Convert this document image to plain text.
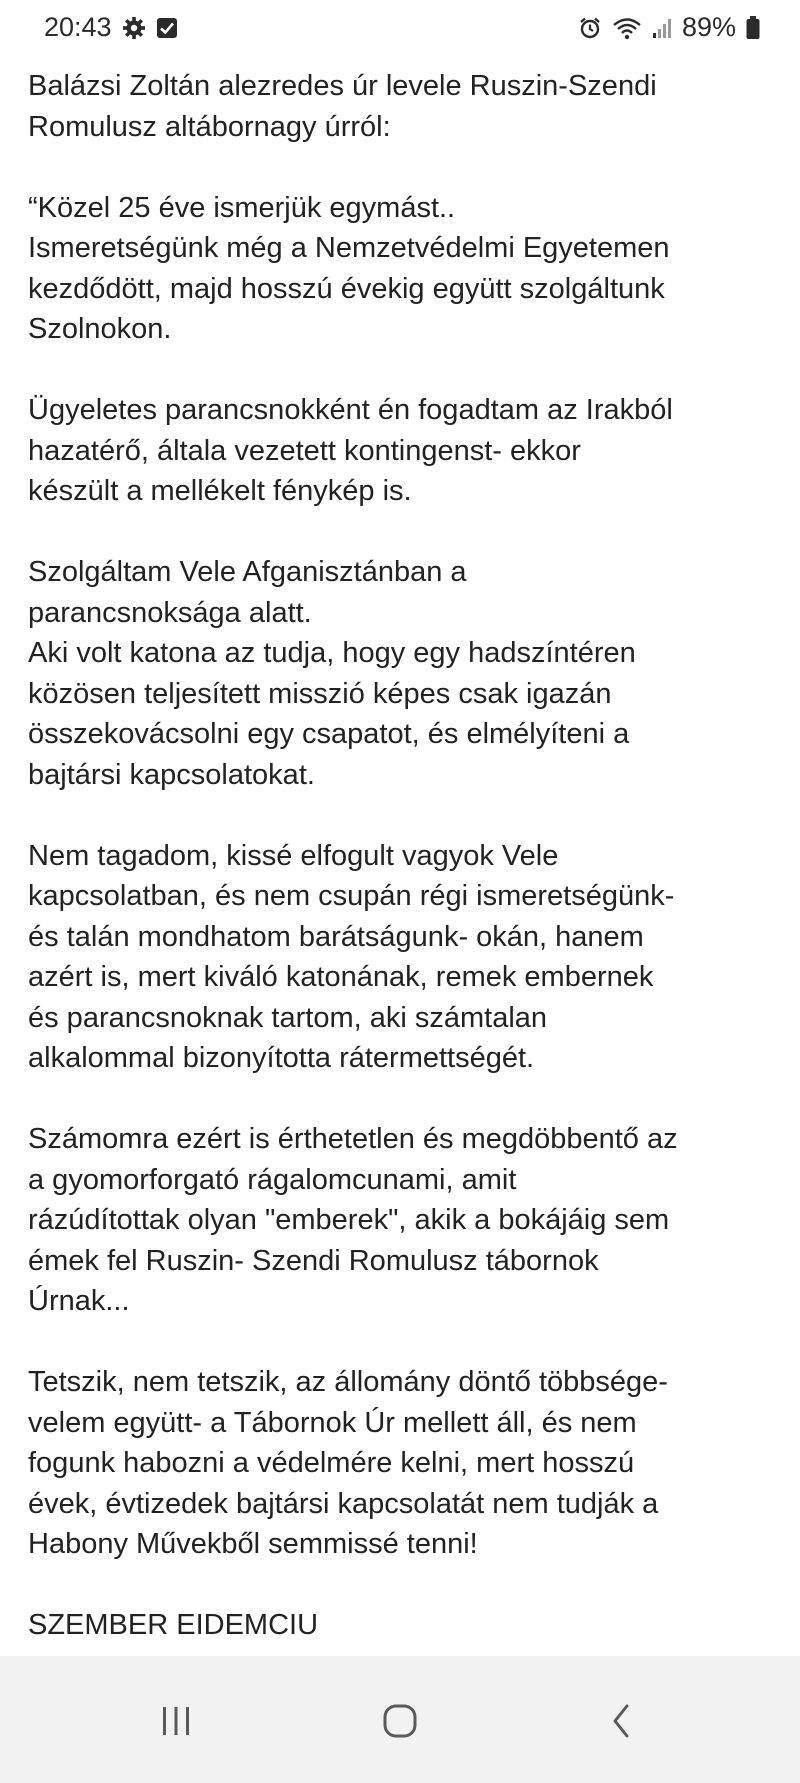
20:43	89%

Balázsi Zoltán alezredes úr levele Ruszin-Szendi
Romulusz altábornagy úrról:

“Közel 25 éve ismerjük egymást..
Ismeretségünk még a Nemzetvédelmi Egyetemen
kezdődött, majd hosszú évekig együtt szolgáltunk
Szolnokon.

Ügyeletes parancsnokként én fogadtam az Irakból
hazatérő, általa vezetett kontingenst- ekkor
készült a mellékelt fénykép is.

Szolgáltam Vele Afganisztánban a
parancsnoksága alatt.
Aki volt katona az tudja, hogy egy hadszíntéren
közösen teljesített misszió képes csak igazán
összekovácsolni egy csapatot, és elmélyíteni a
bajtársi kapcsolatokat.

Nem tagadom, kissé elfogult vagyok Vele
kapcsolatban, és nem csupán régi ismeretségünk-
és talán mondhatom barátságunk- okán, hanem
azért is, mert kiváló katonának, remek embernek
és parancsnoknak tartom, aki számtalan
alkalommal bizonyította rátermettségét.

Számomra ezért is érthetetlen és megdöbbentő az
a gyomorforgató rágalomcunami, amit
rázúdítottak olyan "emberek", akik a bokájáig sem
émek fel Ruszin- Szendi Romulusz tábornok
Úrnak...

Tetszik, nem tetszik, az állomány döntő többsége-
velem együtt- a Tábornok Úr mellett áll, és nem
fogunk habozni a védelmére kelni, mert hosszú
évek, évtizedek bajtársi kapcsolatát nem tudják a
Habony Művekből semmissé tenni!

SZEMBER EIDEMCIU
